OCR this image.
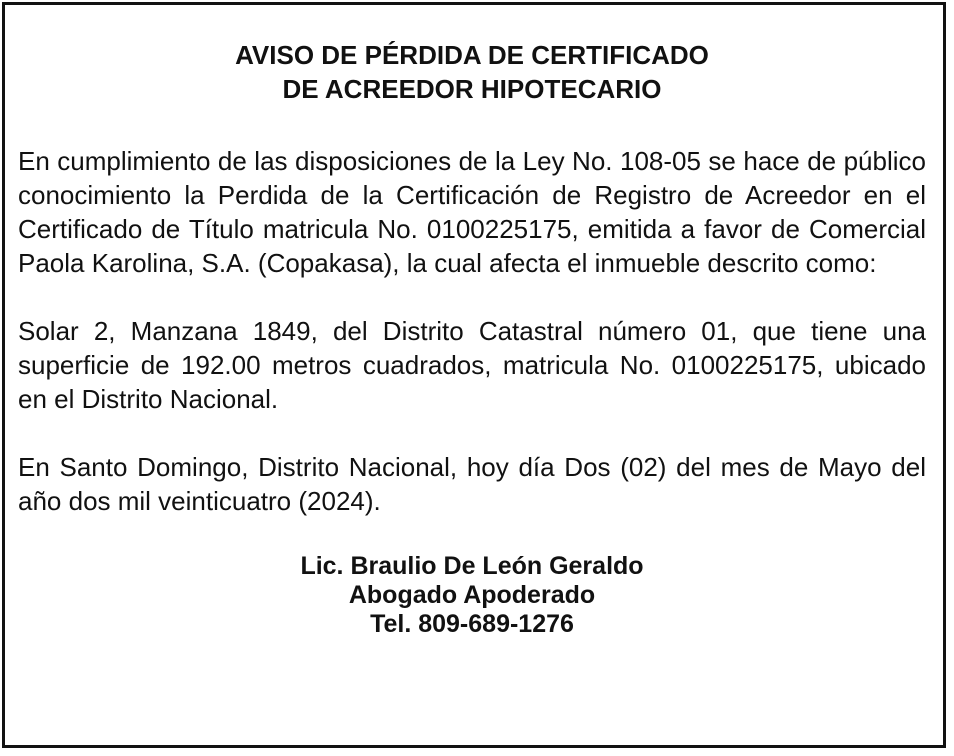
AVISO DE PÉRDIDA DE CERTIFICADO
DE ACREEDOR HIPOTECARIO

En cumplimiento de las disposiciones de la Ley No. 108-05 se hace de público conocimiento la Perdida de la Certificación de Registro de Acreedor en el Certificado de Título matricula No. 0100225175, emitida a favor de Comercial Paola Karolina, S.A. (Copakasa), la cual afecta el inmueble descrito como:

Solar 2, Manzana 1849, del Distrito Catastral número 01, que tiene una superficie de 192.00 metros cuadrados, matricula No. 0100225175, ubicado en el Distrito Nacional.

En Santo Domingo, Distrito Nacional, hoy día Dos (02) del mes de Mayo del año dos mil veinticuatro (2024).

Lic. Braulio De León Geraldo
Abogado Apoderado
Tel. 809-689-1276
